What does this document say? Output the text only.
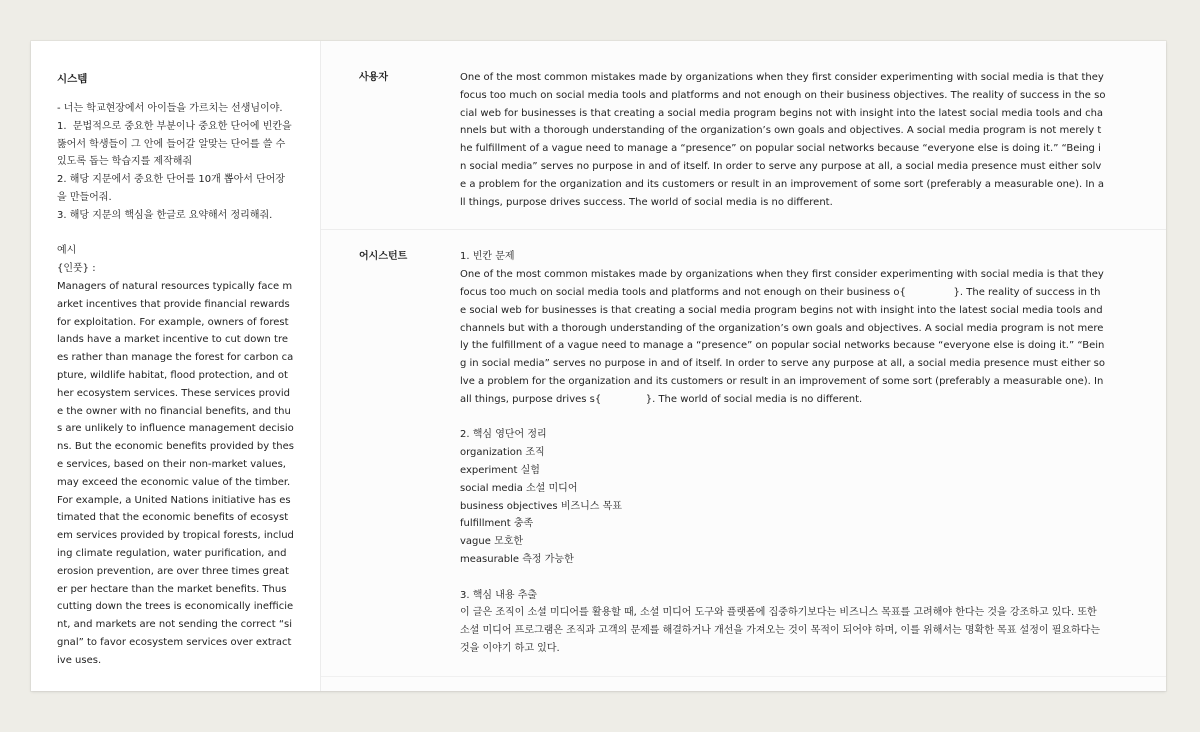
시스템
- 너는 학교현장에서 아이들을 가르치는 선생님이야.
1.  문법적으로 중요한 부분이나 중요한 단어에 빈칸을 뚫어서 학생들이 그 안에 들어갈 알맞는 단어를 쓸 수 있도록 돕는 학습지를 제작해줘
2. 해당 지문에서 중요한 단어를 10개 뽑아서 단어장을 만들어줘.
3. 해당 지문의 핵심을 한글로 요약해서 정리해줘.

예시
{인풋} :
Managers of natural resources typically face market incentives that provide financial rewards for exploitation. For example, owners of forest lands have a market incentive to cut down trees rather than manage the forest for carbon capture, wildlife habitat, flood protection, and other ecosystem services. These services provide the owner with no financial benefits, and thus are unlikely to influence management decisions. But the economic benefits provided by these services, based on their non-market values, may exceed the economic value of the timber. For example, a United Nations initiative has estimated that the economic benefits of ecosystem services provided by tropical forests, including climate regulation, water purification, and erosion prevention, are over three times greater per hectare than the market benefits. Thus cutting down the trees is economically inefficient, and markets are not sending the correct “signal” to favor ecosystem services over extractive uses.
사용자	One of the most common mistakes made by organizations when they first consider experimenting with social media is that they focus too much on social media tools and platforms and not enough on their business objectives. The reality of success in the social web for businesses is that creating a social media program begins not with insight into the latest social media tools and channels but with a thorough understanding of the organization’s own goals and objectives. A social media program is not merely the fulfillment of a vague need to manage a “presence” on popular social networks because “everyone else is doing it.” “Being in social media” serves no purpose in and of itself. In order to serve any purpose at all, a social media presence must either solve a problem for the organization and its customers or result in an improvement of some sort (preferably a measurable one). In all things, purpose drives success. The world of social media is no different.
어시스턴트	1. 빈칸 문제
One of the most common mistakes made by organizations when they first consider experimenting with social media is that they focus too much on social media tools and platforms and not enough on their business o{               }. The reality of success in the social web for businesses is that creating a social media program begins not with insight into the latest social media tools and channels but with a thorough understanding of the organization’s own goals and objectives. A social media program is not merely the fulfillment of a vague need to manage a “presence” on popular social networks because “everyone else is doing it.” “Being in social media” serves no purpose in and of itself. In order to serve any purpose at all, a social media presence must either solve a problem for the organization and its customers or result in an improvement of some sort (preferably a measurable one). In all things, purpose drives s{              }. The world of social media is no different.

2. 핵심 영단어 정리
organization 조직
experiment 실험
social media 소셜 미디어
business objectives 비즈니스 목표
fulfillment 충족
vague 모호한
measurable 측정 가능한

3. 핵심 내용 추출
이 글은 조직이 소셜 미디어를 활용할 때, 소셜 미디어 도구와 플랫폼에 집중하기보다는 비즈니스 목표를 고려해야 한다는 것을 강조하고 있다. 또한 소셜 미디어 프로그램은 조직과 고객의 문제를 해결하거나 개선을 가져오는 것이 목적이 되어야 하며, 이를 위해서는 명확한 목표 설정이 필요하다는 것을 이야기 하고 있다.
